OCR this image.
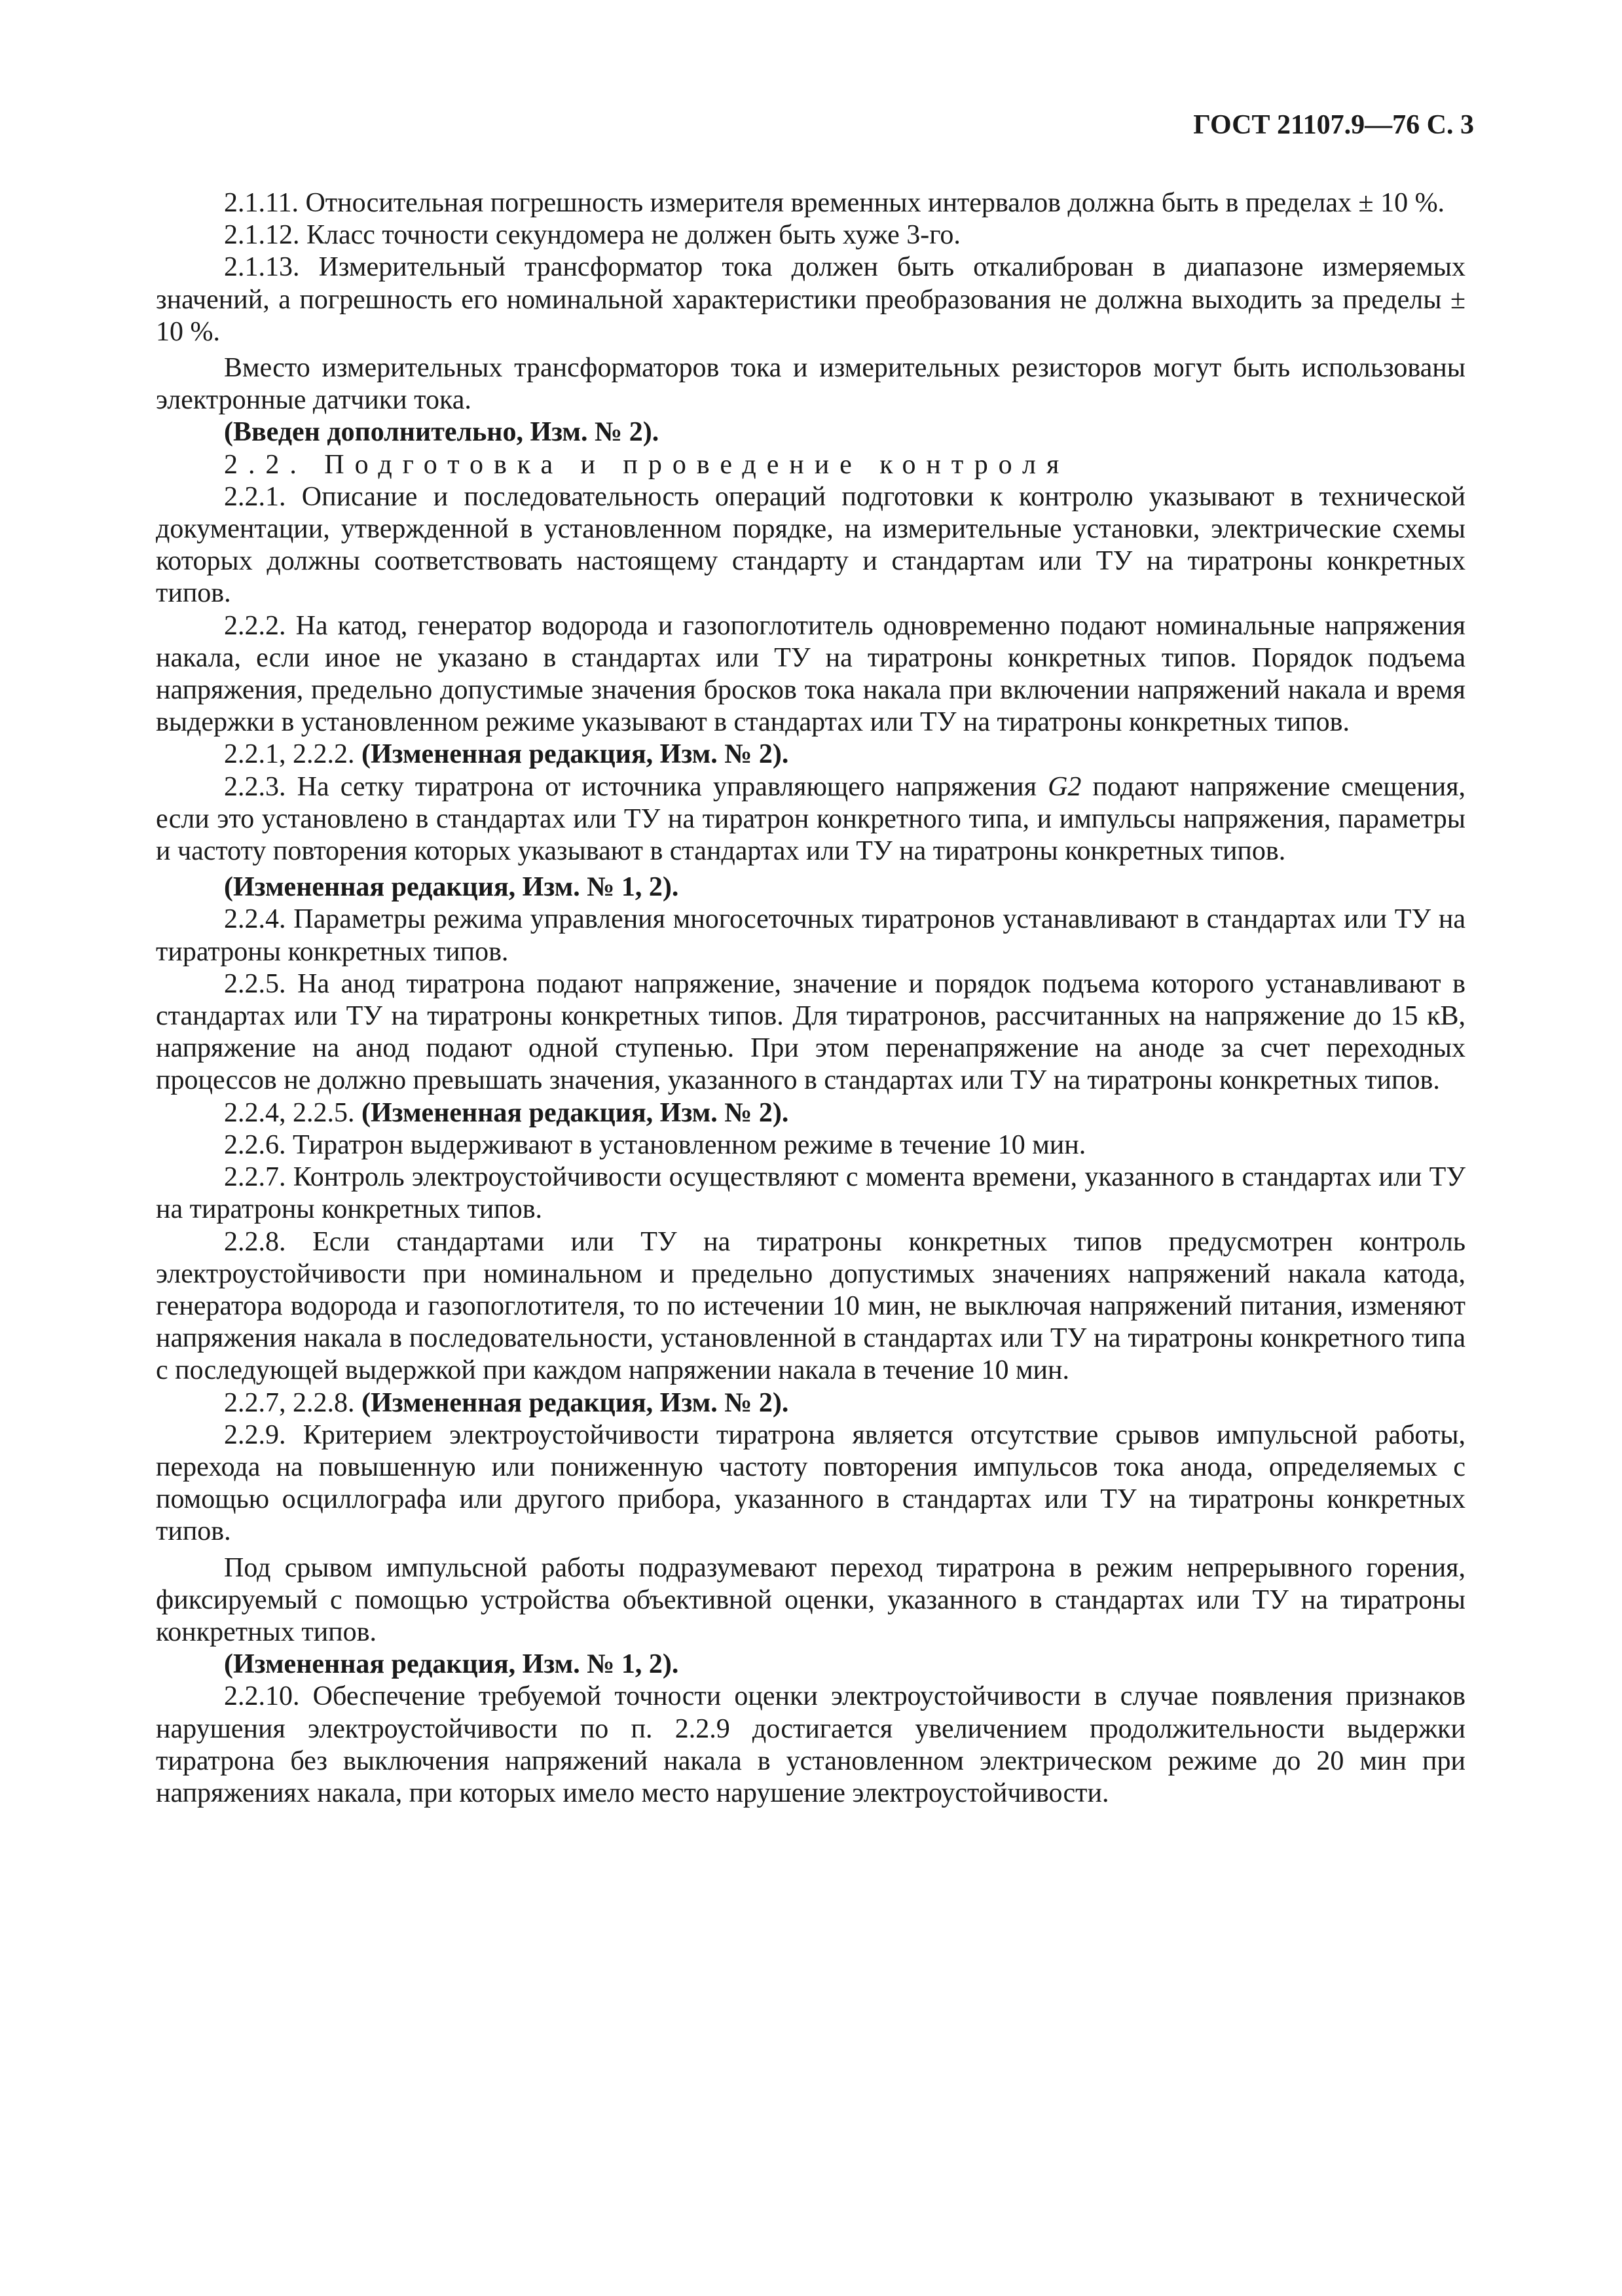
ГОСТ 21107.9—76 С. 3

2.1.11. Относительная погрешность измерителя временных интервалов должна быть в пределах ± 10 %.

2.1.12. Класс точности секундомера не должен быть хуже 3-го.

2.1.13. Измерительный трансформатор тока должен быть откалиброван в диапазоне измеряемых значений, а погрешность его номинальной характеристики преобразования не должна выходить за пределы ± 10 %.

Вместо измерительных трансформаторов тока и измерительных резисторов могут быть использованы электронные датчики тока.

(Введен дополнительно, Изм. № 2).

2.2. Подготовка и проведение контроля

2.2.1. Описание и последовательность операций подготовки к контролю указывают в технической документации, утвержденной в установленном порядке, на измерительные установки, электрические схемы которых должны соответствовать настоящему стандарту и стандартам или ТУ на тиратроны конкретных типов.

2.2.2. На катод, генератор водорода и газопоглотитель одновременно подают номинальные напряжения накала, если иное не указано в стандартах или ТУ на тиратроны конкретных типов. Порядок подъема напряжения, предельно допустимые значения бросков тока накала при включении напряжений накала и время выдержки в установленном режиме указывают в стандартах или ТУ на тиратроны конкретных типов.

2.2.1, 2.2.2. (Измененная редакция, Изм. № 2).

2.2.3. На сетку тиратрона от источника управляющего напряжения G2 подают напряжение смещения, если это установлено в стандартах или ТУ на тиратрон конкретного типа, и импульсы напряжения, параметры и частоту повторения которых указывают в стандартах или ТУ на тиратроны конкретных типов.

(Измененная редакция, Изм. № 1, 2).

2.2.4. Параметры режима управления многосеточных тиратронов устанавливают в стандартах или ТУ на тиратроны конкретных типов.

2.2.5. На анод тиратрона подают напряжение, значение и порядок подъема которого устанавливают в стандартах или ТУ на тиратроны конкретных типов. Для тиратронов, рассчитанных на напряжение до 15 кВ, напряжение на анод подают одной ступенью. При этом перенапряжение на аноде за счет переходных процессов не должно превышать значения, указанного в стандартах или ТУ на тиратроны конкретных типов.

2.2.4, 2.2.5. (Измененная редакция, Изм. № 2).

2.2.6. Тиратрон выдерживают в установленном режиме в течение 10 мин.

2.2.7. Контроль электроустойчивости осуществляют с момента времени, указанного в стандартах или ТУ на тиратроны конкретных типов.

2.2.8. Если стандартами или ТУ на тиратроны конкретных типов предусмотрен контроль электроустойчивости при номинальном и предельно допустимых значениях напряжений накала катода, генератора водорода и газопоглотителя, то по истечении 10 мин, не выключая напряжений питания, изменяют напряжения накала в последовательности, установленной в стандартах или ТУ на тиратроны конкретного типа с последующей выдержкой при каждом напряжении накала в течение 10 мин.

2.2.7, 2.2.8. (Измененная редакция, Изм. № 2).

2.2.9. Критерием электроустойчивости тиратрона является отсутствие срывов импульсной работы, перехода на повышенную или пониженную частоту повторения импульсов тока анода, определяемых с помощью осциллографа или другого прибора, указанного в стандартах или ТУ на тиратроны конкретных типов.

Под срывом импульсной работы подразумевают переход тиратрона в режим непрерывного горения, фиксируемый с помощью устройства объективной оценки, указанного в стандартах или ТУ на тиратроны конкретных типов.

(Измененная редакция, Изм. № 1, 2).

2.2.10. Обеспечение требуемой точности оценки электроустойчивости в случае появления признаков нарушения электроустойчивости по п. 2.2.9 достигается увеличением продолжительности выдержки тиратрона без выключения напряжений накала в установленном электрическом режиме до 20 мин при напряжениях накала, при которых имело место нарушение электроустойчивости.
